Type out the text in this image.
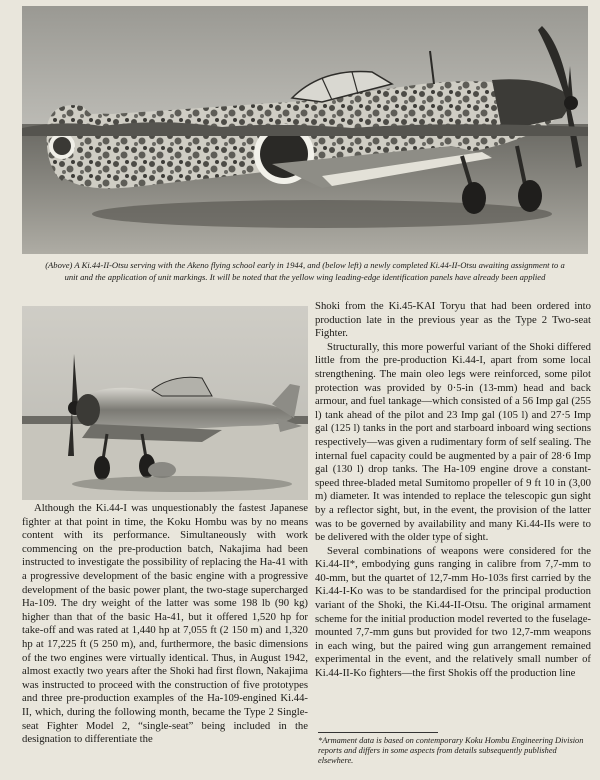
(Above) A Ki.44-II-Otsu serving with the Akeno flying school early in 1944, and (below left) a newly completed Ki.44-II-Otsu awaiting assignment to a unit and the application of unit markings. It will be noted that the yellow wing leading-edge identification panels have already been applied

Although the Ki.44-I was unquestionably the fastest Japanese fighter at that point in time, the Koku Hombu was by no means content with its performance. Simultaneously with work commencing on the pre-production batch, Nakajima had been instructed to investigate the possibility of replacing the Ha-41 with a progressive development of the basic engine with a progressive development of the basic power plant, the two-stage supercharged Ha-109. The dry weight of the latter was some 198 lb (90 kg) higher than that of the basic Ha-41, but it offered 1,520 hp for take-off and was rated at 1,440 hp at 7,055 ft (2 150 m) and 1,320 hp at 17,225 ft (5 250 m), and, furthermore, the basic dimensions of the two engines were virtually identical. Thus, in August 1942, almost exactly two years after the Shoki had first flown, Nakajima was instructed to proceed with the construction of five prototypes and three pre-production examples of the Ha-109-engined Ki.44-II, which, during the following month, became the Type 2 Single-seat Fighter Model 2, “single-seat” being included in the designation to differentiate the

Shoki from the Ki.45-KAI Toryu that had been ordered into production late in the previous year as the Type 2 Two-seat Fighter.

Structurally, this more powerful variant of the Shoki differed little from the pre-production Ki.44-I, apart from some local strengthening. The main oleo legs were reinforced, some pilot protection was provided by 0·5-in (13-mm) head and back armour, and fuel tankage—which consisted of a 56 Imp gal (255 l) tank ahead of the pilot and 23 Imp gal (105 l) and 27·5 Imp gal (125 l) tanks in the port and starboard inboard wing sections respectively—was given a rudimentary form of self sealing. The internal fuel capacity could be augmented by a pair of 28·6 Imp gal (130 l) drop tanks. The Ha-109 engine drove a constant-speed three-bladed metal Sumitomo propeller of 9 ft 10 in (3,00 m) diameter. It was intended to replace the telescopic gun sight by a reflector sight, but, in the event, the provision of the latter was to be governed by availability and many Ki.44-IIs were to be delivered with the older type of sight.

Several combinations of weapons were considered for the Ki.44-II*, embodying guns ranging in calibre from 7,7-mm to 40-mm, but the quartet of 12,7-mm Ho-103s first carried by the Ki.44-I-Ko was to be standardised for the principal production variant of the Shoki, the Ki.44-II-Otsu. The original armament scheme for the initial production model reverted to the fuselage-mounted 7,7-mm guns but provided for two 12,7-mm weapons in each wing, but the paired wing gun arrangement remained experimental in the event, and the relatively small number of Ki.44-II-Ko fighters—the first Shokis off the production line

*Armament data is based on contemporary Koku Hombu Engineering Division reports and differs in some aspects from details subsequently published elsewhere.
